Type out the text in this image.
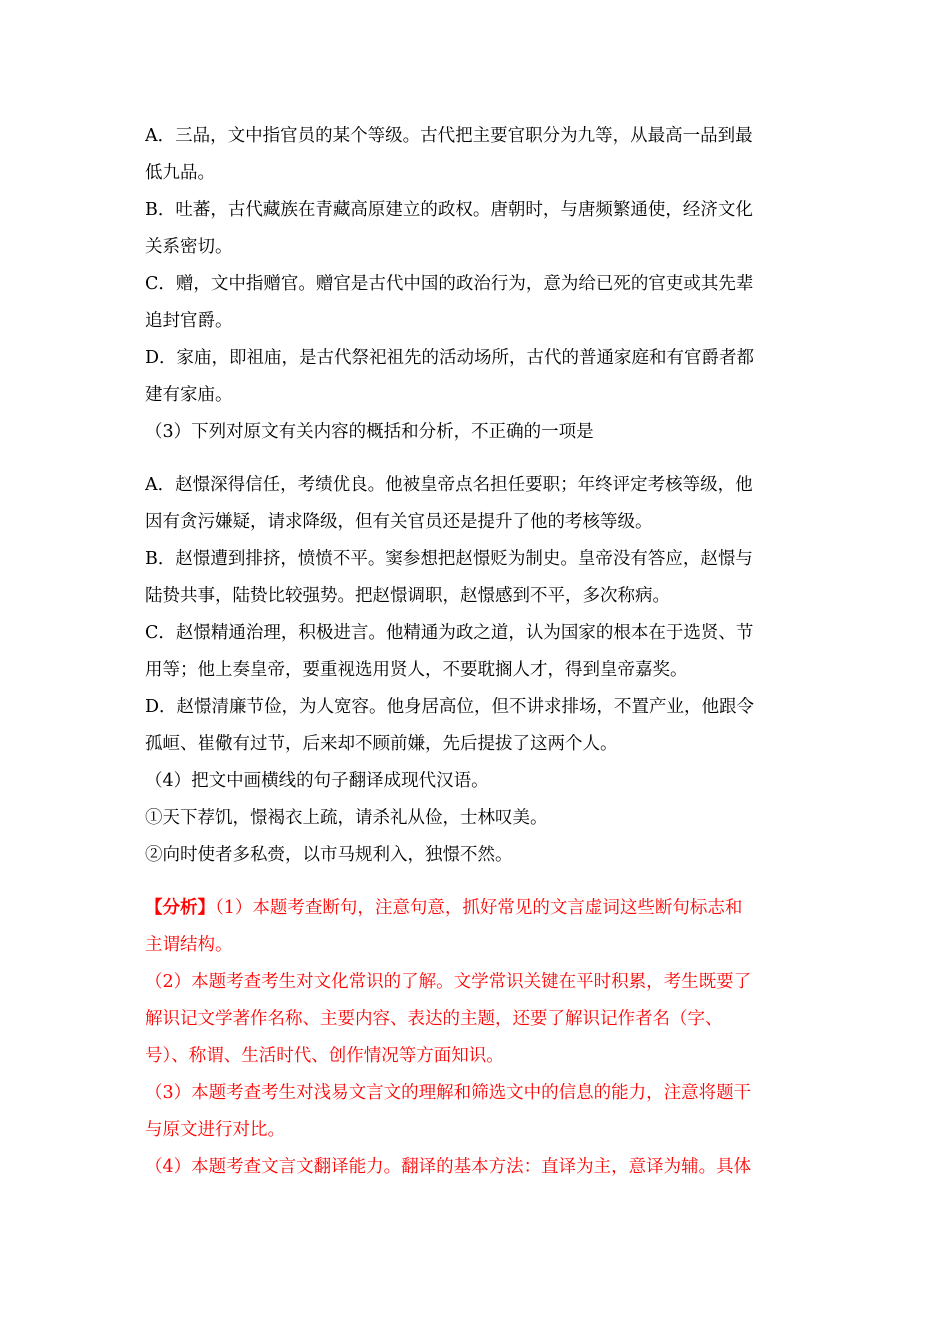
A．三品，文中指官员的某个等级。古代把主要官职分为九等，从最高一品到最
低九品。
B．吐蕃，古代藏族在青藏高原建立的政权。唐朝时，与唐频繁通使，经济文化
关系密切。
C．赠，文中指赠官。赠官是古代中国的政治行为，意为给已死的官吏或其先辈
追封官爵。
D．家庙，即祖庙，是古代祭祀祖先的活动场所，古代的普通家庭和有官爵者都
建有家庙。
（3）下列对原文有关内容的概括和分析，不正确的一项是
A．赵憬深得信任，考绩优良。他被皇帝点名担任要职；年终评定考核等级，他
因有贪污嫌疑，请求降级，但有关官员还是提升了他的考核等级。
B．赵憬遭到排挤，愤愤不平。窦参想把赵憬贬为制史。皇帝没有答应，赵憬与
陆贽共事，陆贽比较强势。把赵憬调职，赵憬感到不平，多次称病。
C．赵憬精通治理，积极进言。他精通为政之道，认为国家的根本在于选贤、节
用等；他上奏皇帝，要重视选用贤人，不要耽搁人才，得到皇帝嘉奖。
D．赵憬清廉节俭，为人宽容。他身居高位，但不讲求排场，不置产业，他跟令
孤峘、崔儆有过节，后来却不顾前嫌，先后提拔了这两个人。
（4）把文中画横线的句子翻译成现代汉语。
①天下荐饥，憬褐衣上疏，请杀礼从俭，士林叹美。
②向时使者多私赍，以市马规利入，独憬不然。
【分析】（1）本题考查断句，注意句意，抓好常见的文言虚词这些断句标志和
主谓结构。
（2）本题考查考生对文化常识的了解。文学常识关键在平时积累，考生既要了
解识记文学著作名称、主要内容、表达的主题，还要了解识记作者名（字、
号）、称谓、生活时代、创作情况等方面知识。
（3）本题考查考生对浅易文言文的理解和筛选文中的信息的能力，注意将题干
与原文进行对比。
（4）本题考查文言文翻译能力。翻译的基本方法：直译为主，意译为辅。具体
